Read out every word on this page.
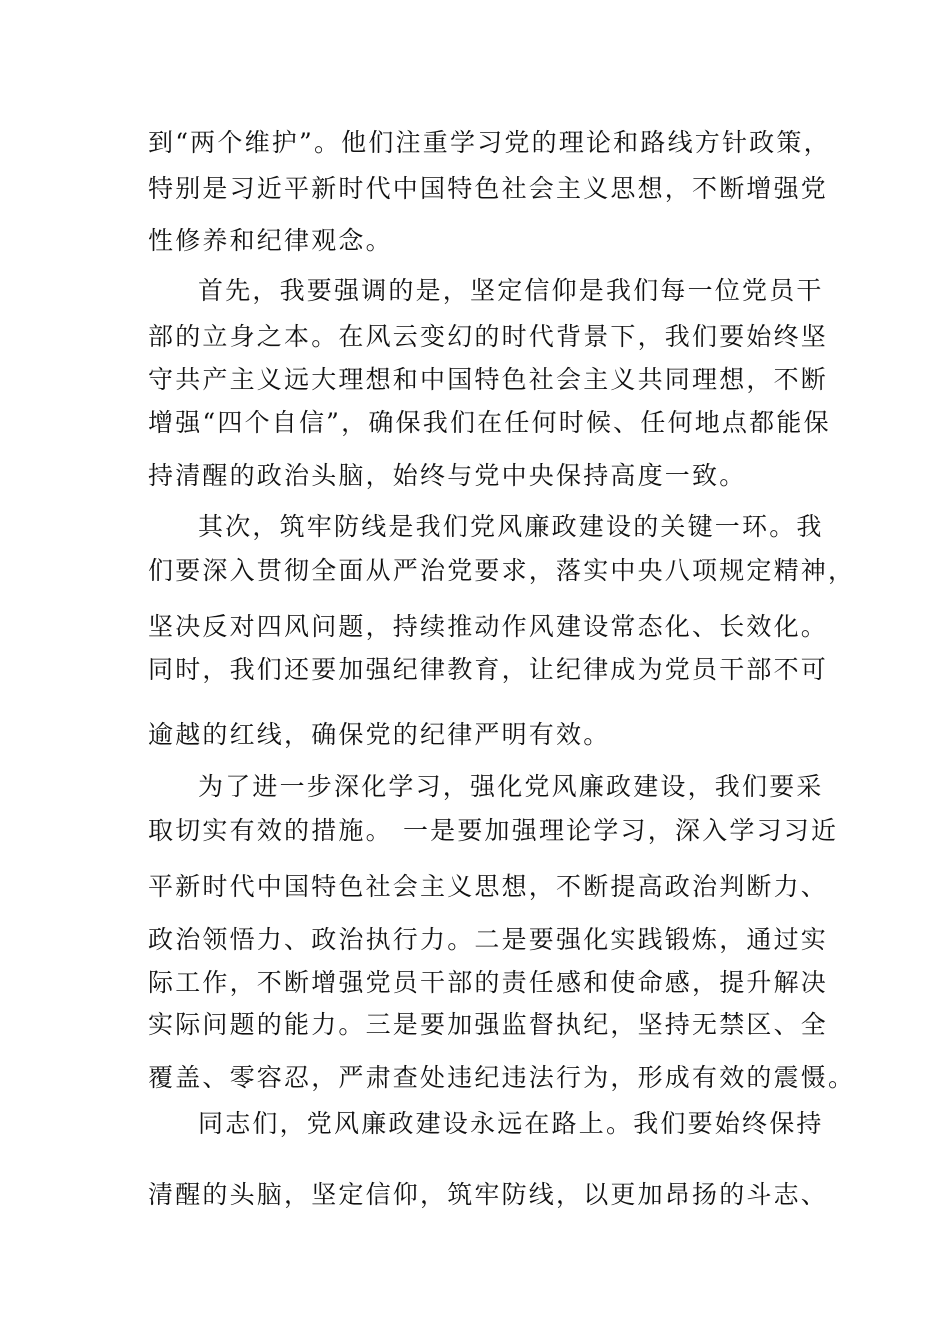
到“两个维护”。他们注重学习党的理论和路线方针政策，
特别是习近平新时代中国特色社会主义思想，不断增强党
性修养和纪律观念。
首先，我要强调的是，坚定信仰是我们每一位党员干
部的立身之本。在风云变幻的时代背景下，我们要始终坚
守共产主义远大理想和中国特色社会主义共同理想，不断
增强“四个自信”，确保我们在任何时候、任何地点都能保
持清醒的政治头脑，始终与党中央保持高度一致。
其次，筑牢防线是我们党风廉政建设的关键一环。我
们要深入贯彻全面从严治党要求，落实中央八项规定精神，
坚决反对四风问题，持续推动作风建设常态化、长效化。
同时，我们还要加强纪律教育，让纪律成为党员干部不可
逾越的红线，确保党的纪律严明有效。
为了进一步深化学习，强化党风廉政建设，我们要采
取切实有效的措施。 一是要加强理论学习，深入学习习近
平新时代中国特色社会主义思想，不断提高政治判断力、
政治领悟力、政治执行力。二是要强化实践锻炼，通过实
际工作，不断增强党员干部的责任感和使命感，提升解决
实际问题的能力。三是要加强监督执纪，坚持无禁区、全
覆盖、零容忍，严肃查处违纪违法行为，形成有效的震慑。
同志们，党风廉政建设永远在路上。我们要始终保持
清醒的头脑，坚定信仰，筑牢防线，以更加昂扬的斗志、
